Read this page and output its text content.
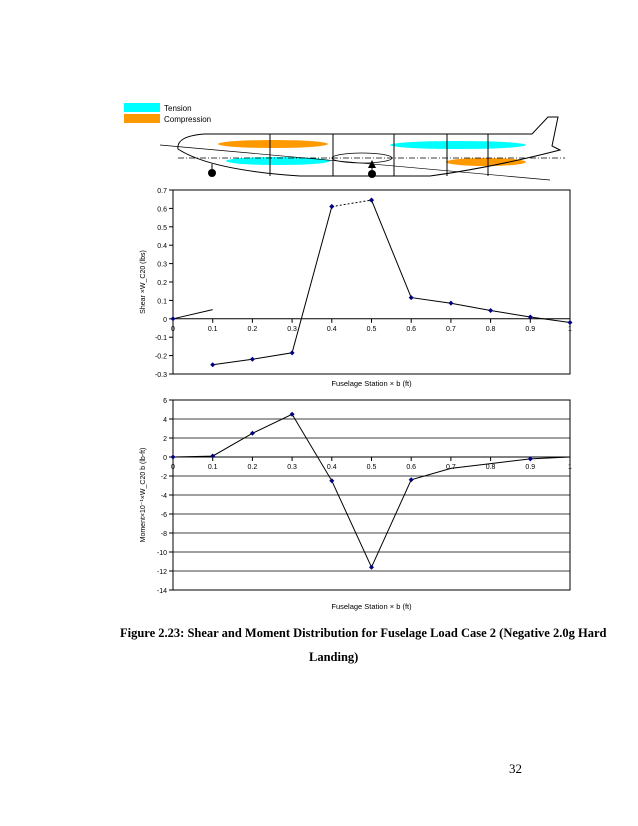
Tension
Compression
0.7
0.6
0.5
0.4
0.3
0.2
0.1
0
-0.1
-0.2
-0.3
0	0.1	0.2	0.3	0.4	0.5	0.6	0.7	0.8	0.9	1
Fuselage Station × b (ft)
Shear ×W_C20 (lbs)
6
4
2
0
-2
-4
-6
-8
-10
-12
-14
0	0.1	0.2	0.3	0.4	0.5	0.6	0.7	0.8	0.9	1
Fuselage Station × b (ft)
Moment×10⁻¹×W_C20 b (lb-ft)
Figure 2.23: Shear and Moment Distribution for Fuselage Load Case 2 (Negative 2.0g Hard
Landing)
32
